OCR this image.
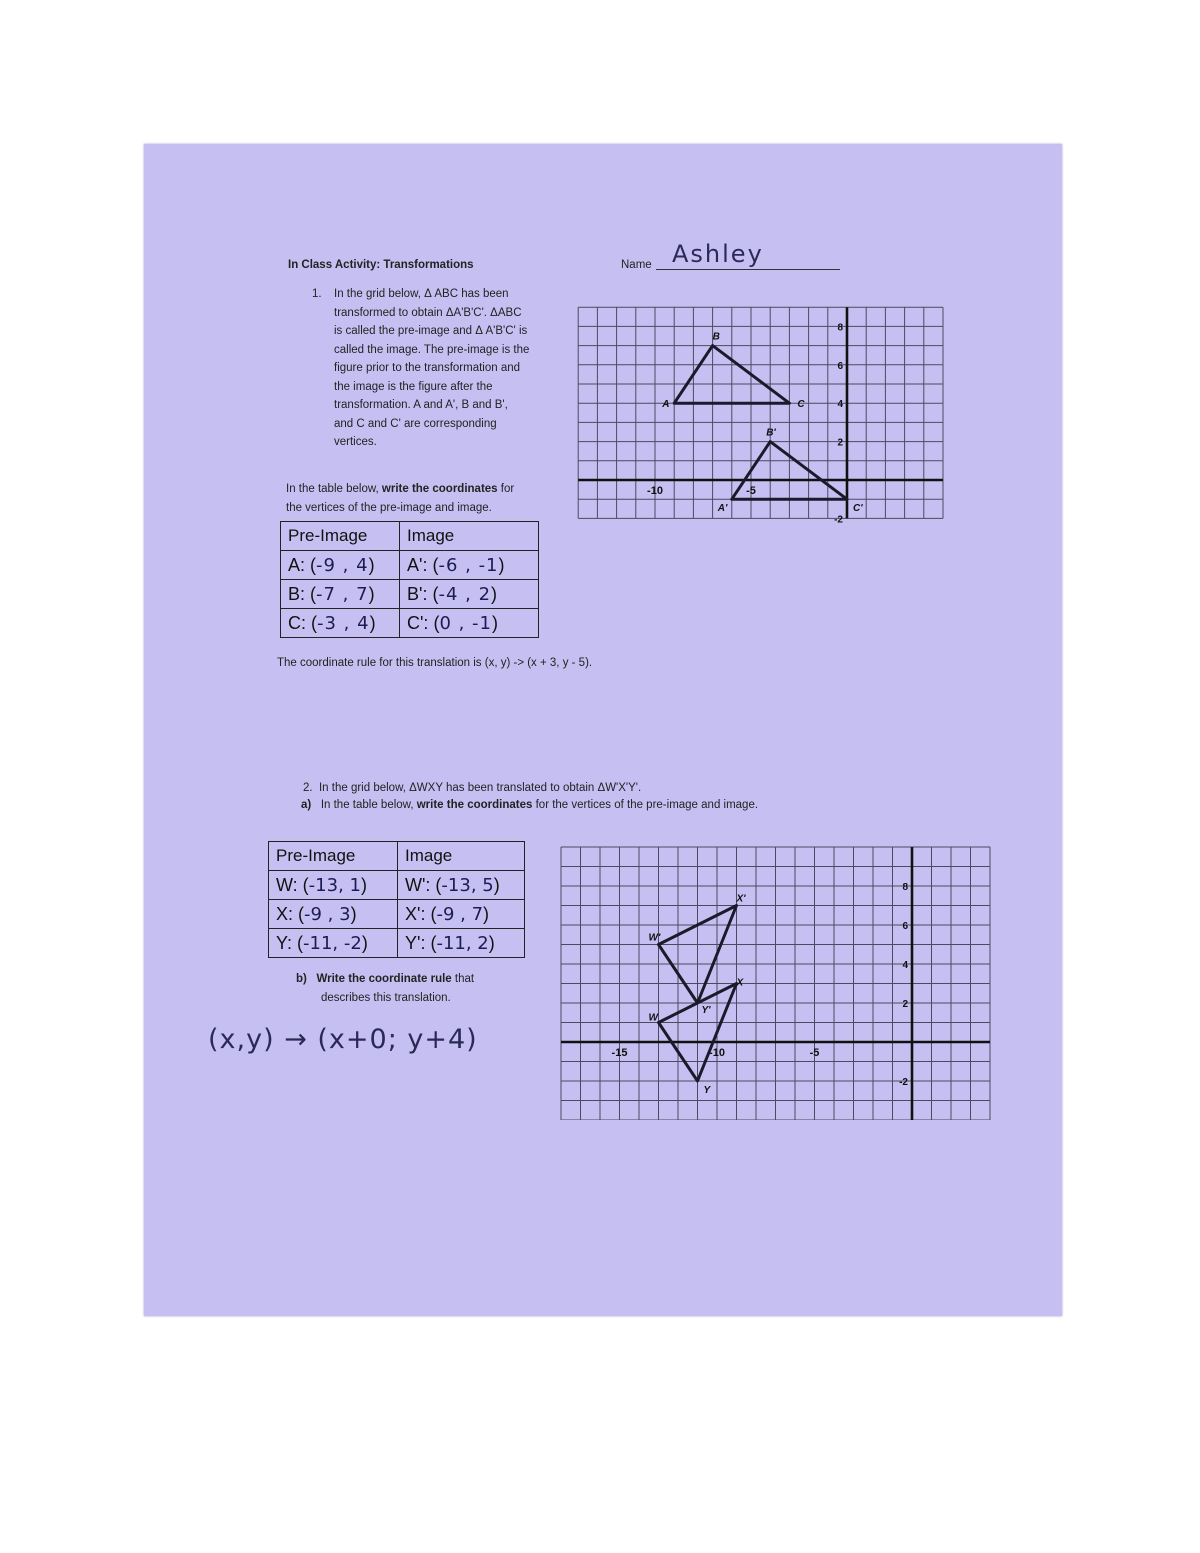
In Class Activity: Transformations	Name Ashley
1. In the grid below, Δ ABC has been
transformed to obtain ΔA'B'C'. ΔABC
is called the pre-image and Δ A'B'C' is
called the image. The pre-image is the
figure prior to the transformation and
the image is the figure after the
transformation. A and A', B and B',
and C and C' are corresponding
vertices.
In the table below, write the coordinates for
the vertices of the pre-image and image.
Pre-Image	Image
A: (-9 , 4)	A': (-6 , -1)
B: (-7 , 7)	B': (-4 , 2)
C: (-3 , 4)	C': (0 , -1)
The coordinate rule for this translation is (x, y) -> (x + 3, y - 5).
-10	-5
8
6
4
2
-2
A
B
C
A'
B'
C'
2. In the grid below, ΔWXY has been translated to obtain ΔW'X'Y'.
a) In the table below, write the coordinates for the vertices of the pre-image and image.
Pre-Image	Image
W: (-13, 1)	W': (-13, 5)
X: (-9 , 3)	X': (-9 , 7)
Y: (-11, -2)	Y': (-11, 2)
b) Write the coordinate rule that
describes this translation.
(x,y) → (x+0; y+4)	-15	-10	-5
8
6
4
2
-2
W
X
Y
W'
X'
Y'
